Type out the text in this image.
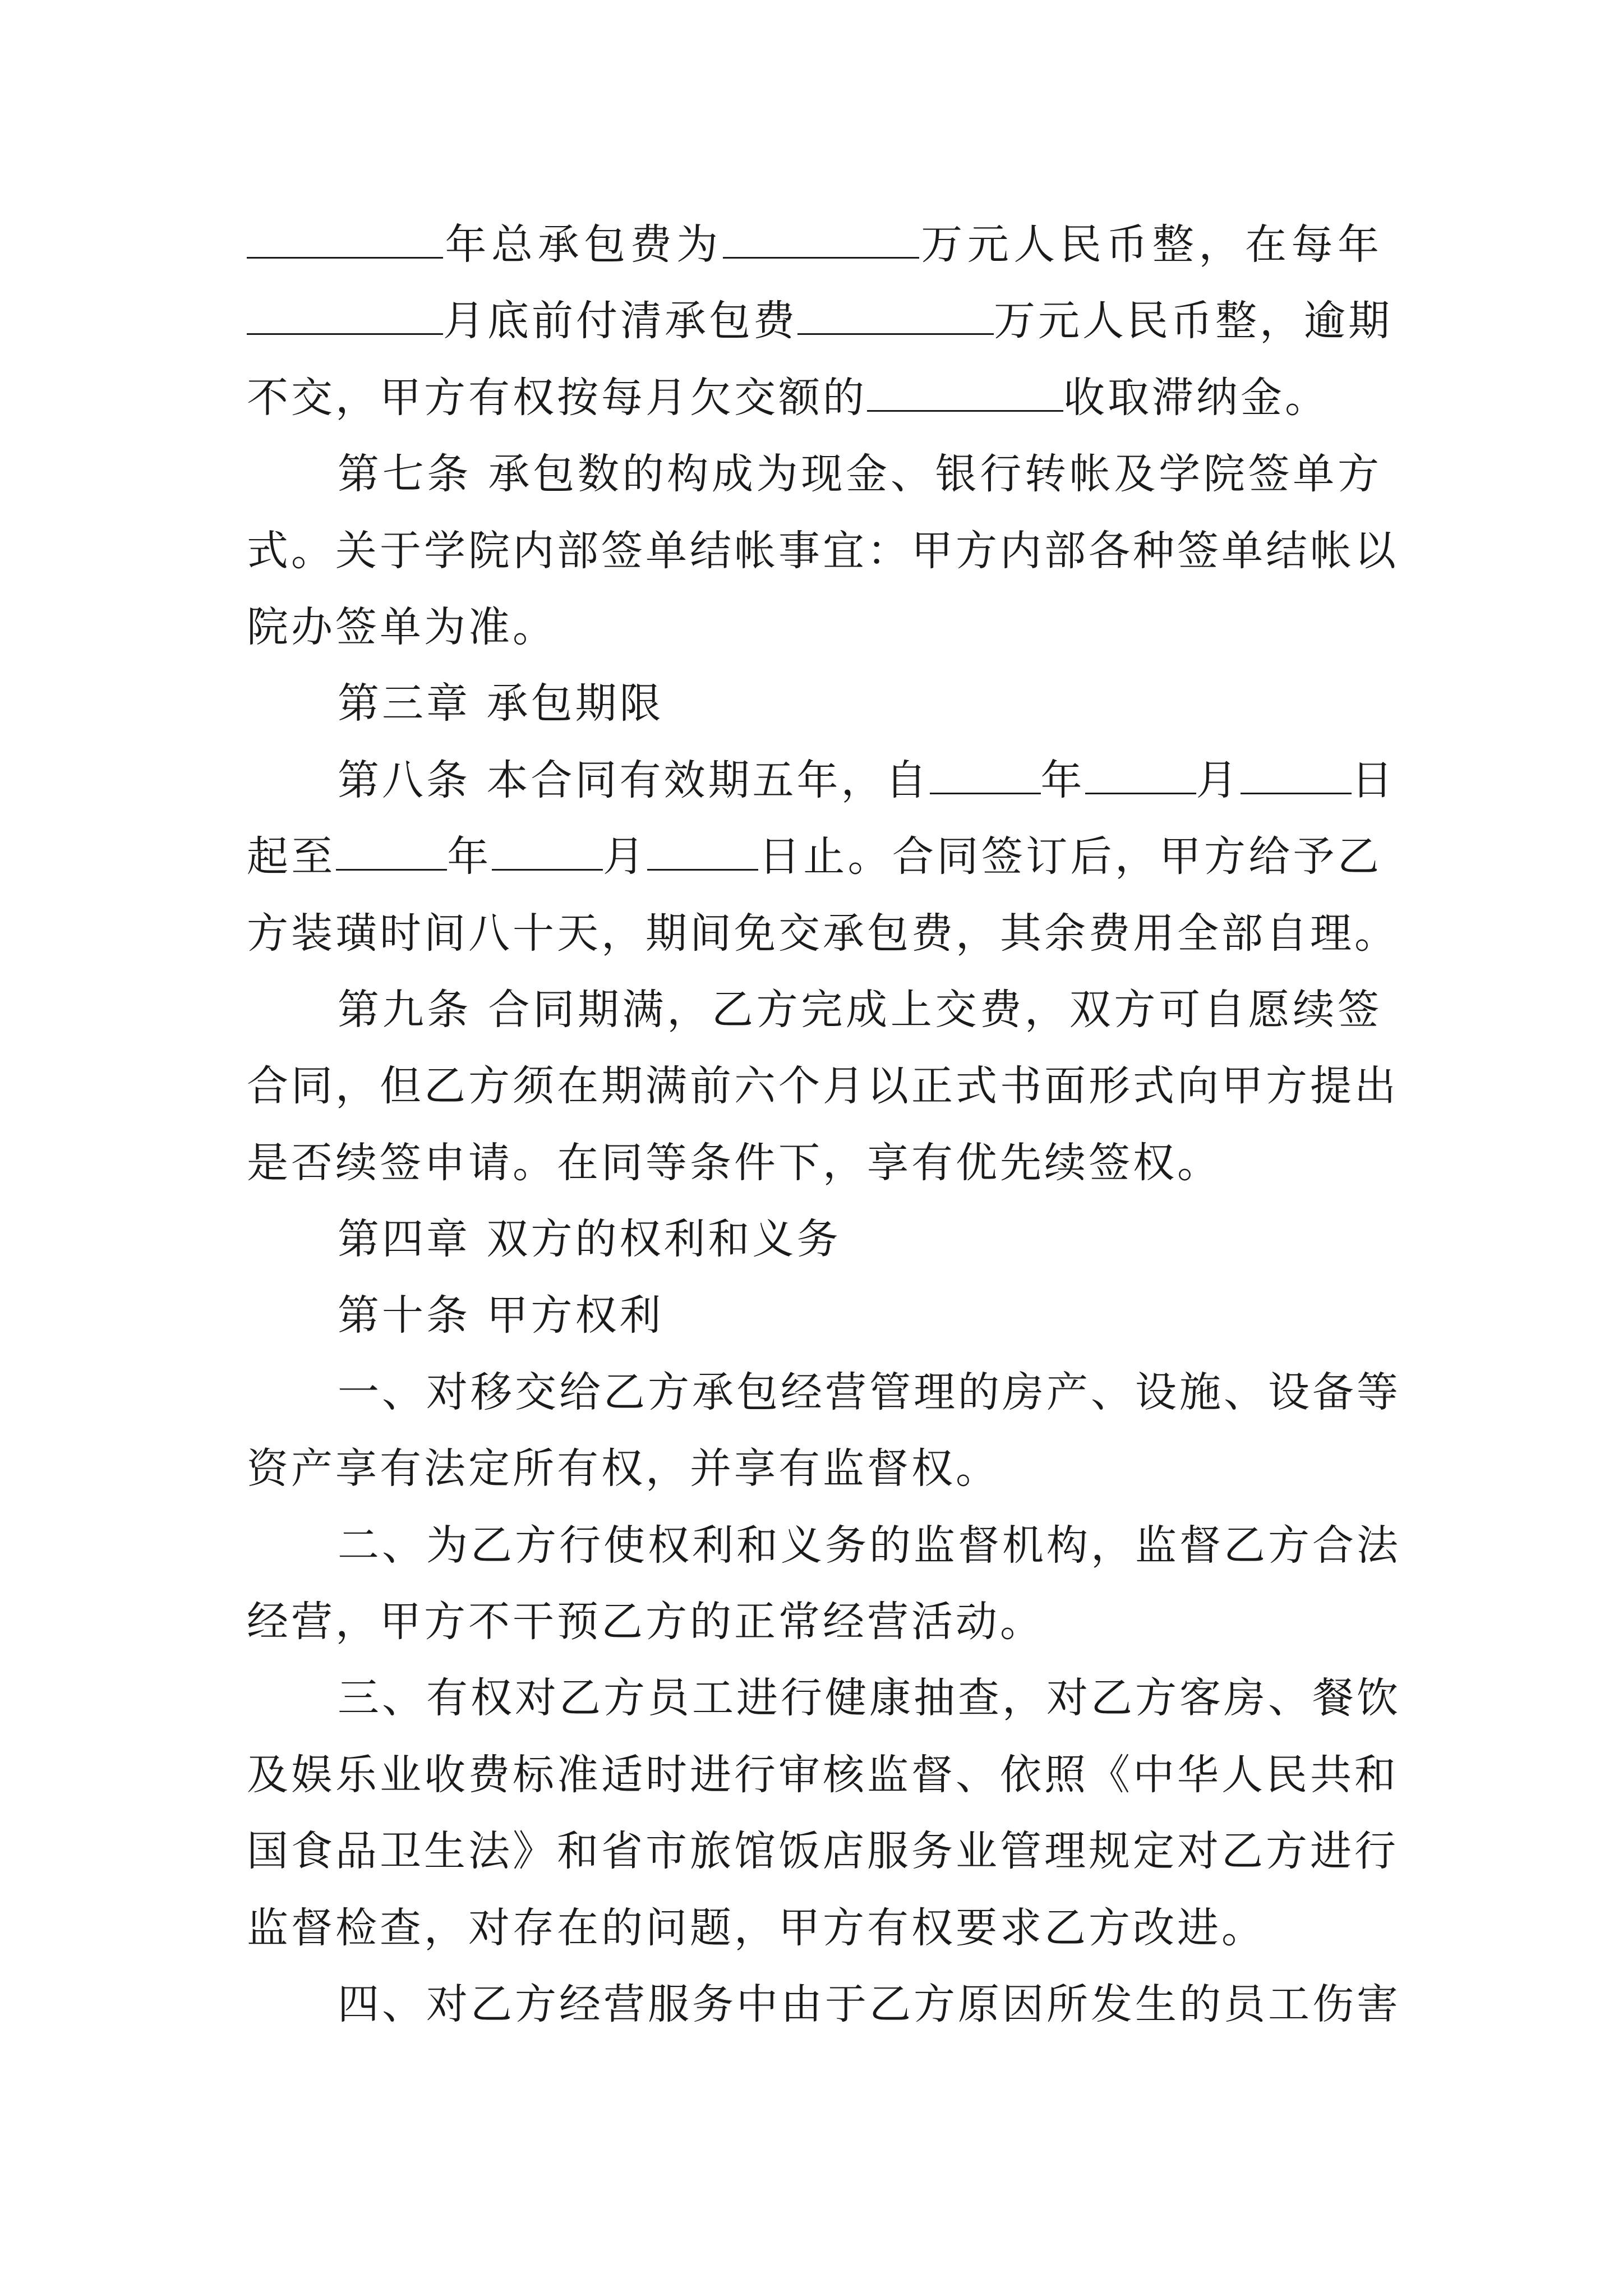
年总承包费为	万元人民币整，在每年
月底前付清承包费	万元人民币整，逾期
不交，甲方有权按每月欠交额的	收取滞纳金。
第七条 承包数的构成为现金、银行转帐及学院签单方
式。关于学院内部签单结帐事宜：甲方内部各种签单结帐以
院办签单为准。
第三章 承包期限
第八条 本合同有效期五年，自	年	月	日
起至	年	月	日止。合同签订后，甲方给予乙
方装璜时间八十天，期间免交承包费，其余费用全部自理。
第九条 合同期满，乙方完成上交费，双方可自愿续签
合同，但乙方须在期满前六个月以正式书面形式向甲方提出
是否续签申请。在同等条件下，享有优先续签权。
第四章 双方的权利和义务
第十条 甲方权利
一、对移交给乙方承包经营管理的房产、设施、设备等
资产享有法定所有权，并享有监督权。
二、为乙方行使权利和义务的监督机构，监督乙方合法
经营，甲方不干预乙方的正常经营活动。
三、有权对乙方员工进行健康抽查，对乙方客房、餐饮
及娱乐业收费标准适时进行审核监督、依照《中华人民共和
国食品卫生法》和省市旅馆饭店服务业管理规定对乙方进行
监督检查，对存在的问题，甲方有权要求乙方改进。
四、对乙方经营服务中由于乙方原因所发生的员工伤害
